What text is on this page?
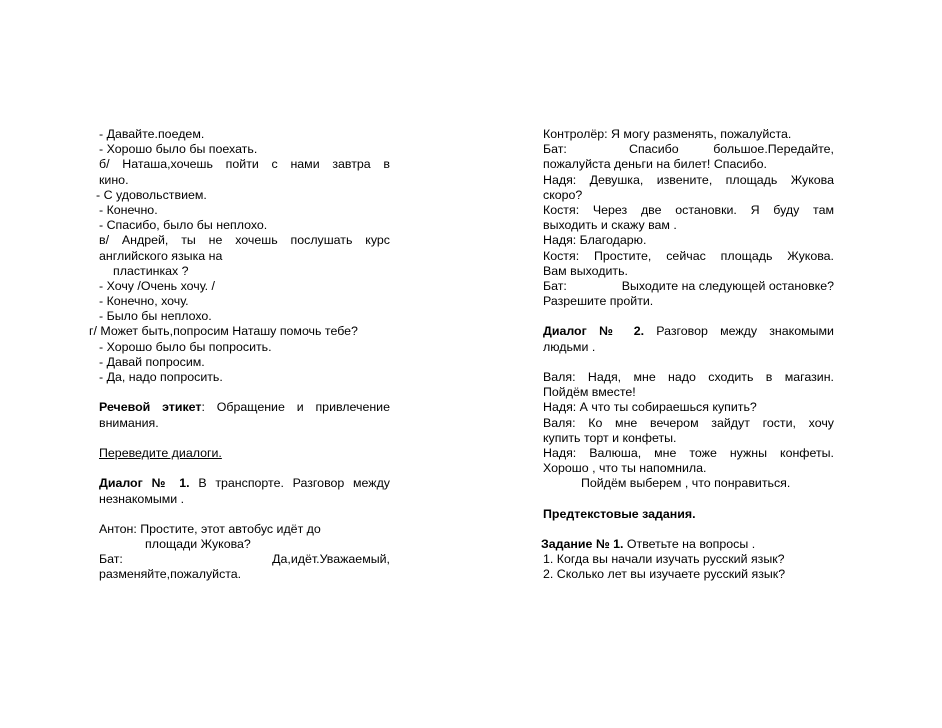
- Давайте.поедем.
- Хорошо было бы поехать.
б/ Наташа,хочешь пойти с нами завтра в
кино.
- С удовольствием.
- Конечно.
- Спасибо, было бы неплохо.
в/ Андрей, ты не хочешь послушать курс
английского языка на
пластинках ?
- Хочу /Очень хочу. /
- Конечно, хочу.
- Было бы неплохо.
г/ Может быть,попросим Наташу помочь тебе?
- Хорошо было бы попросить.
- Давай попросим.
- Да, надо попросить.
Речевой этикет: Обращение и привлечение
внимания.
Переведите диалоги.
Диалог № 1. В транспорте. Разговор между
незнакомыми .
Антон: Простите, этот автобус идёт до
площади Жукова?
Бат:	Да,идёт.Уважаемый,
разменяйте,пожалуйста.
Контролёр: Я могу разменять, пожалуйста.
Бат:	Спасибо	большое.Передайте,
пожалуйста деньги на билет! Спасибо.
Надя: Девушка, извените, площадь Жукова
скоро?
Костя: Через две остановки. Я буду там
выходить и скажу вам .
Надя: Благодарю.
Костя: Простите, сейчас площадь Жукова.
Вам выходить.
Бат:	Выходите на следующей остановке?
Разрешите пройти.
Диалог № 2. Разговор между знакомыми
людьми .
Валя: Надя, мне надо сходить в магазин.
Пойдём вместе!
Надя: А что ты собираешься купить?
Валя: Ко мне вечером зайдут гости, хочу
купить торт и конфеты.
Надя: Валюша, мне тоже нужны конфеты.
Хорошо , что ты напомнила.
Пойдём выберем , что понравиться.
Предтекстовые задания.
Задание № 1. Ответьте на вопросы .
1. Когда вы начали изучать русский язык?
2. Сколько лет вы изучаете русский язык?
